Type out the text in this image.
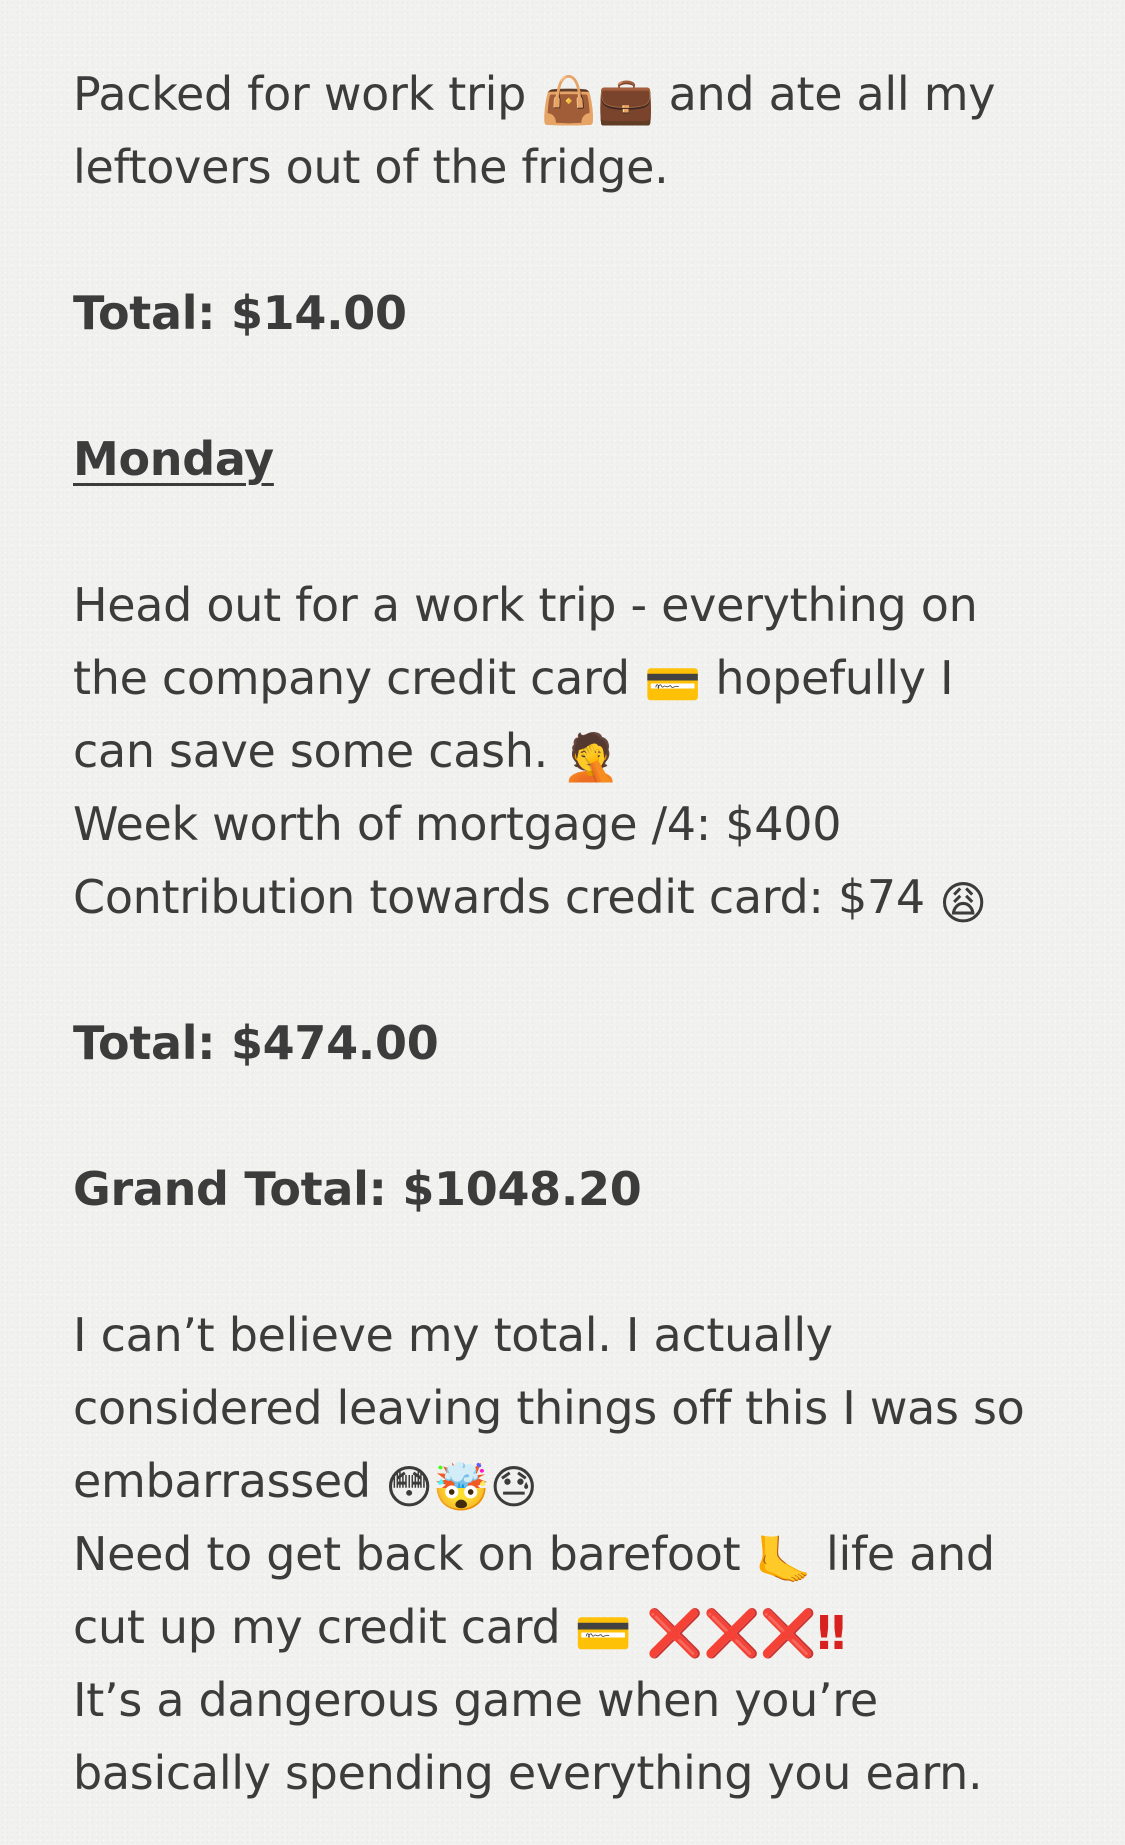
Packed for work trip 👜💼 and ate all my
leftovers out of the fridge.
Total: $14.00
Monday
Head out for a work trip - everything on
the company credit card 💳 hopefully I
can save some cash. 🤦
Week worth of mortgage /4: $400
Contribution towards credit card: $74 😩
Total: $474.00
Grand Total: $1048.20
I can’t believe my total. I actually
considered leaving things off this I was so
embarrassed 😳🤯😓
Need to get back on barefoot 🦶 life and
cut up my credit card 💳 ❌❌❌‼
It’s a dangerous game when you’re
basically spending everything you earn.
